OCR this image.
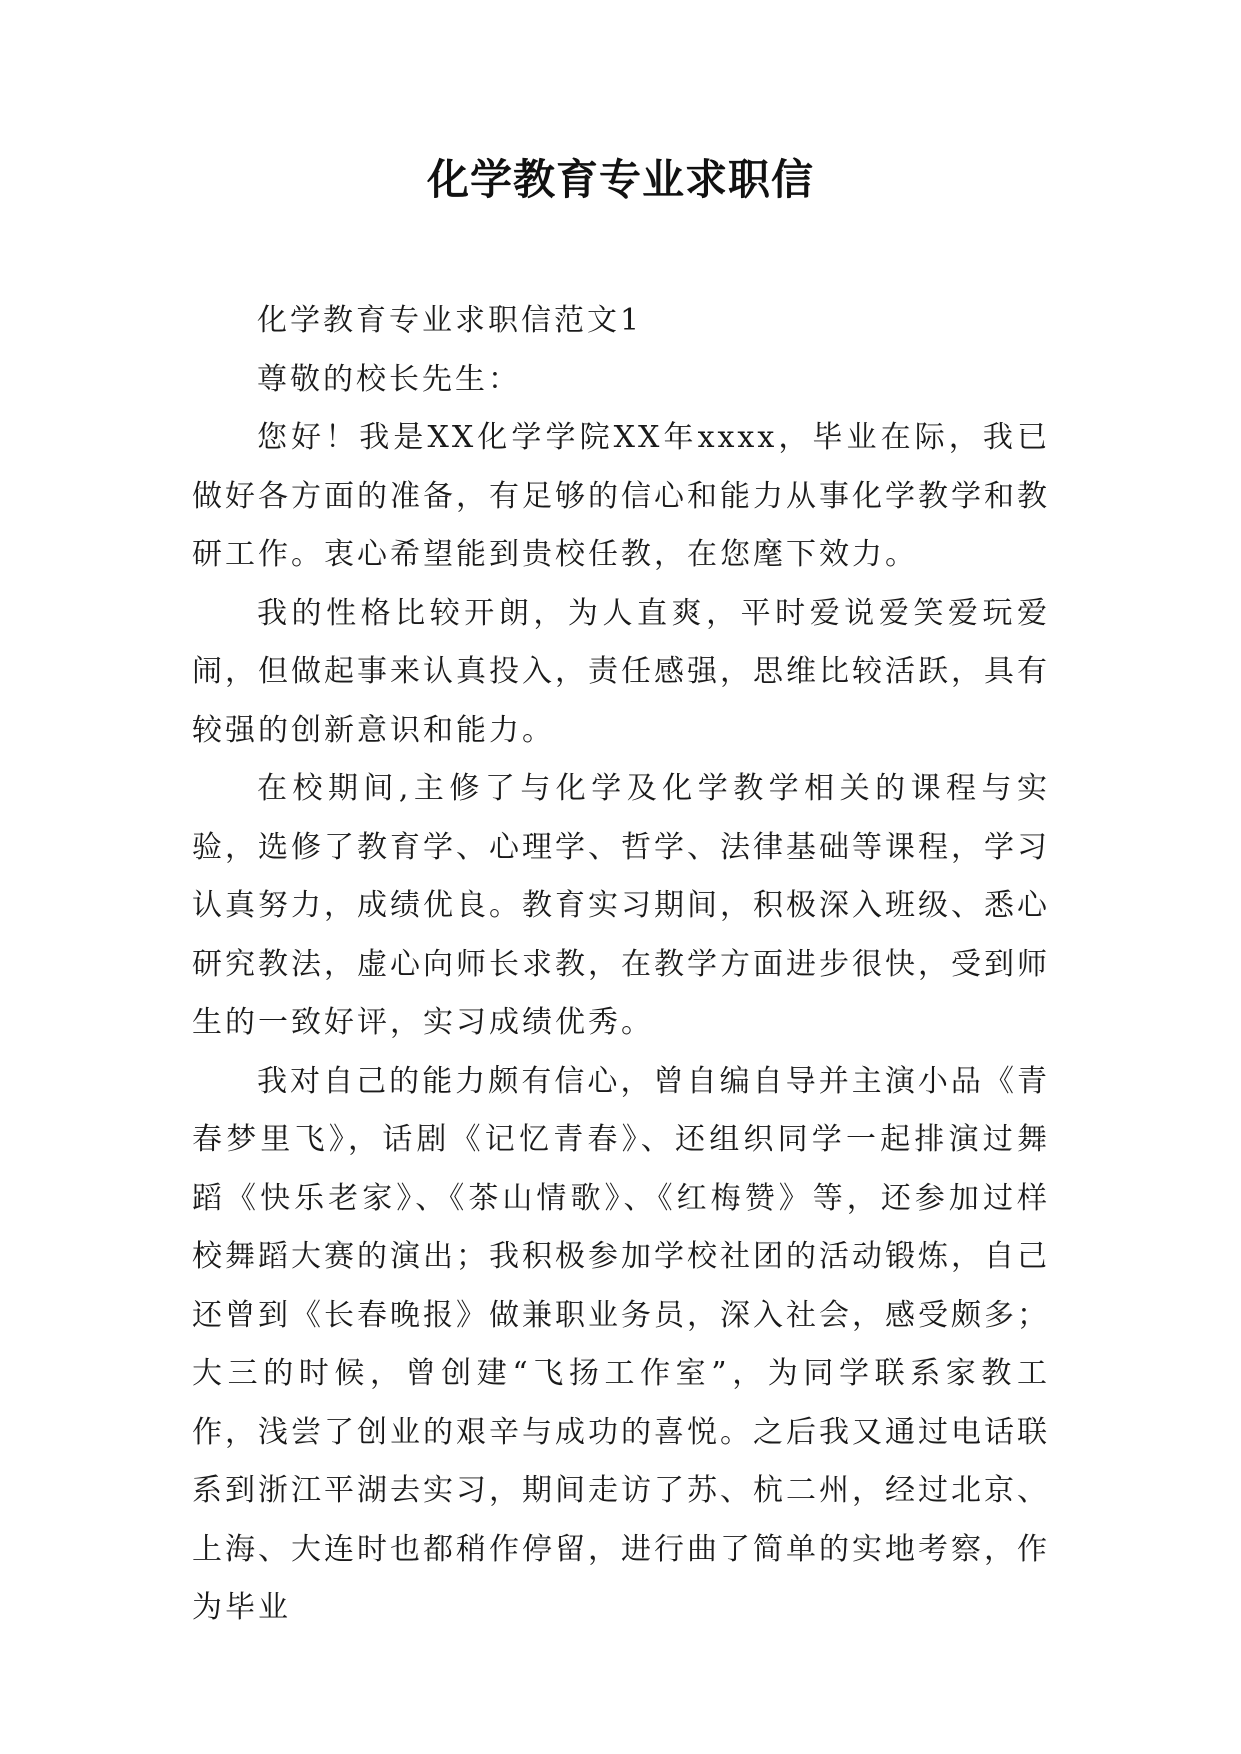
化学教育专业求职信

化学教育专业求职信范文1

尊敬的校长先生：

您好！我是XX化学学院XX年xxxx，毕业在际，我已做好各方面的准备，有足够的信心和能力从事化学教学和教研工作。衷心希望能到贵校任教，在您麾下效力。

我的性格比较开朗，为人直爽，平时爱说爱笑爱玩爱闹，但做起事来认真投入，责任感强，思维比较活跃，具有较强的创新意识和能力。

在校期间,主修了与化学及化学教学相关的课程与实验，选修了教育学、心理学、哲学、法律基础等课程，学习认真努力，成绩优良。教育实习期间，积极深入班级、悉心研究教法，虚心向师长求教，在教学方面进步很快，受到师生的一致好评，实习成绩优秀。

我对自己的能力颇有信心，曾自编自导并主演小品《青春梦里飞》，话剧《记忆青春》、还组织同学一起排演过舞蹈《快乐老家》、《茶山情歌》、《红梅赞》等，还参加过样校舞蹈大赛的演出；我积极参加学校社团的活动锻炼，自己还曾到《长春晚报》做兼职业务员，深入社会，感受颇多；大三的时候，曾创建“飞扬工作室”，为同学联系家教工作，浅尝了创业的艰辛与成功的喜悦。之后我又通过电话联系到浙江平湖去实习，期间走访了苏、杭二州，经过北京、上海、大连时也都稍作停留，进行曲了简单的实地考察，作为毕业
